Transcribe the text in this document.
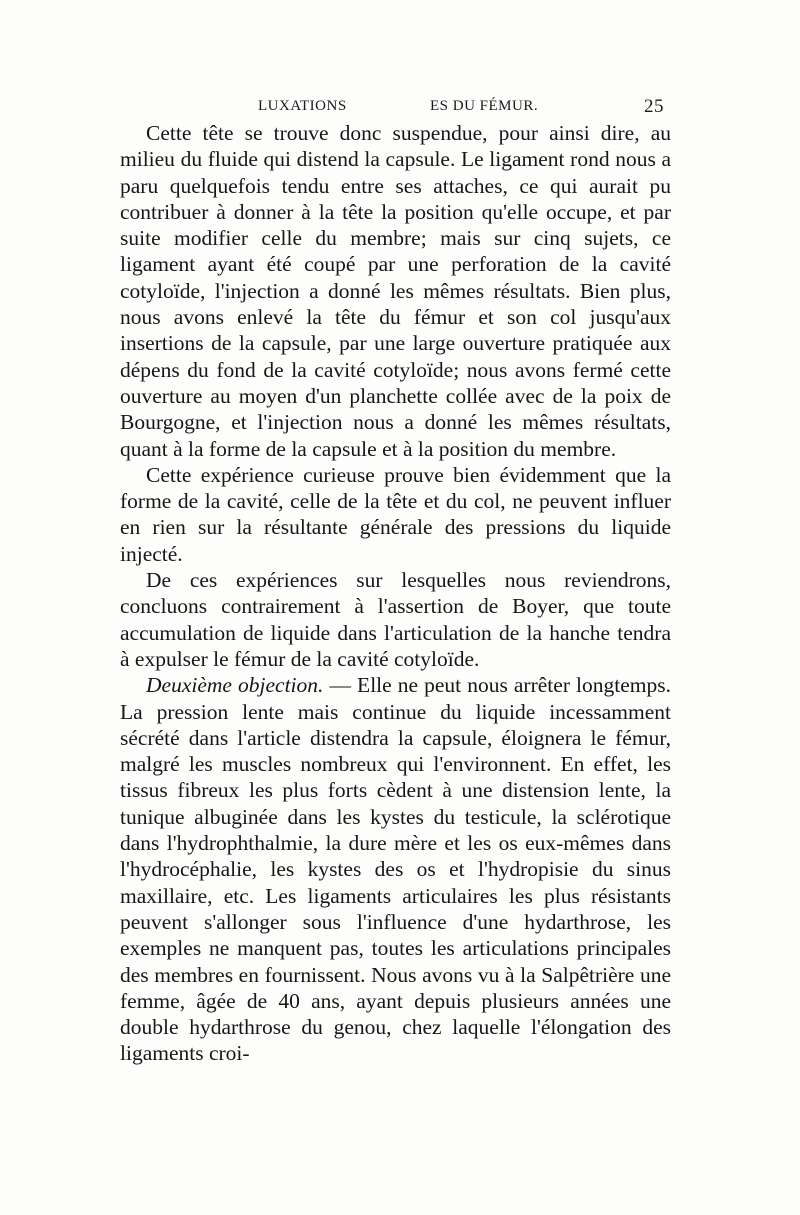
LUXATIONS	ES DU FÉMUR.	25

Cette tête se trouve donc suspendue, pour ainsi dire, au milieu du fluide qui distend la capsule. Le ligament rond nous a paru quelquefois tendu entre ses attaches, ce qui aurait pu contribuer à donner à la tête la position qu'elle occupe, et par suite modifier celle du membre; mais sur cinq sujets, ce ligament ayant été coupé par une perforation de la cavité cotyloïde, l'injection a donné les mêmes résultats. Bien plus, nous avons enlevé la tête du fémur et son col jusqu'aux insertions de la capsule, par une large ouverture pratiquée aux dépens du fond de la cavité cotyloïde; nous avons fermé cette ouverture au moyen d'un planchette collée avec de la poix de Bourgogne, et l'injection nous a donné les mêmes résultats, quant à la forme de la capsule et à la position du membre.

Cette expérience curieuse prouve bien évidemment que la forme de la cavité, celle de la tête et du col, ne peuvent influer en rien sur la résultante générale des pressions du liquide injecté.

De ces expériences sur lesquelles nous reviendrons, concluons contrairement à l'assertion de Boyer, que toute accumulation de liquide dans l'articulation de la hanche tendra à expulser le fémur de la cavité cotyloïde.

Deuxième objection. — Elle ne peut nous arrêter longtemps. La pression lente mais continue du liquide incessamment sécrété dans l'article distendra la capsule, éloignera le fémur, malgré les muscles nombreux qui l'environnent. En effet, les tissus fibreux les plus forts cèdent à une distension lente, la tunique albuginée dans les kystes du testicule, la sclérotique dans l'hydrophthalmie, la dure mère et les os eux-mêmes dans l'hydrocéphalie, les kystes des os et l'hydropisie du sinus maxillaire, etc. Les ligaments articulaires les plus résistants peuvent s'allonger sous l'influence d'une hydarthrose, les exemples ne manquent pas, toutes les articulations principales des membres en fournissent. Nous avons vu à la Salpêtrière une femme, âgée de 40 ans, ayant depuis plusieurs années une double hydarthrose du genou, chez laquelle l'élongation des ligaments croi-
